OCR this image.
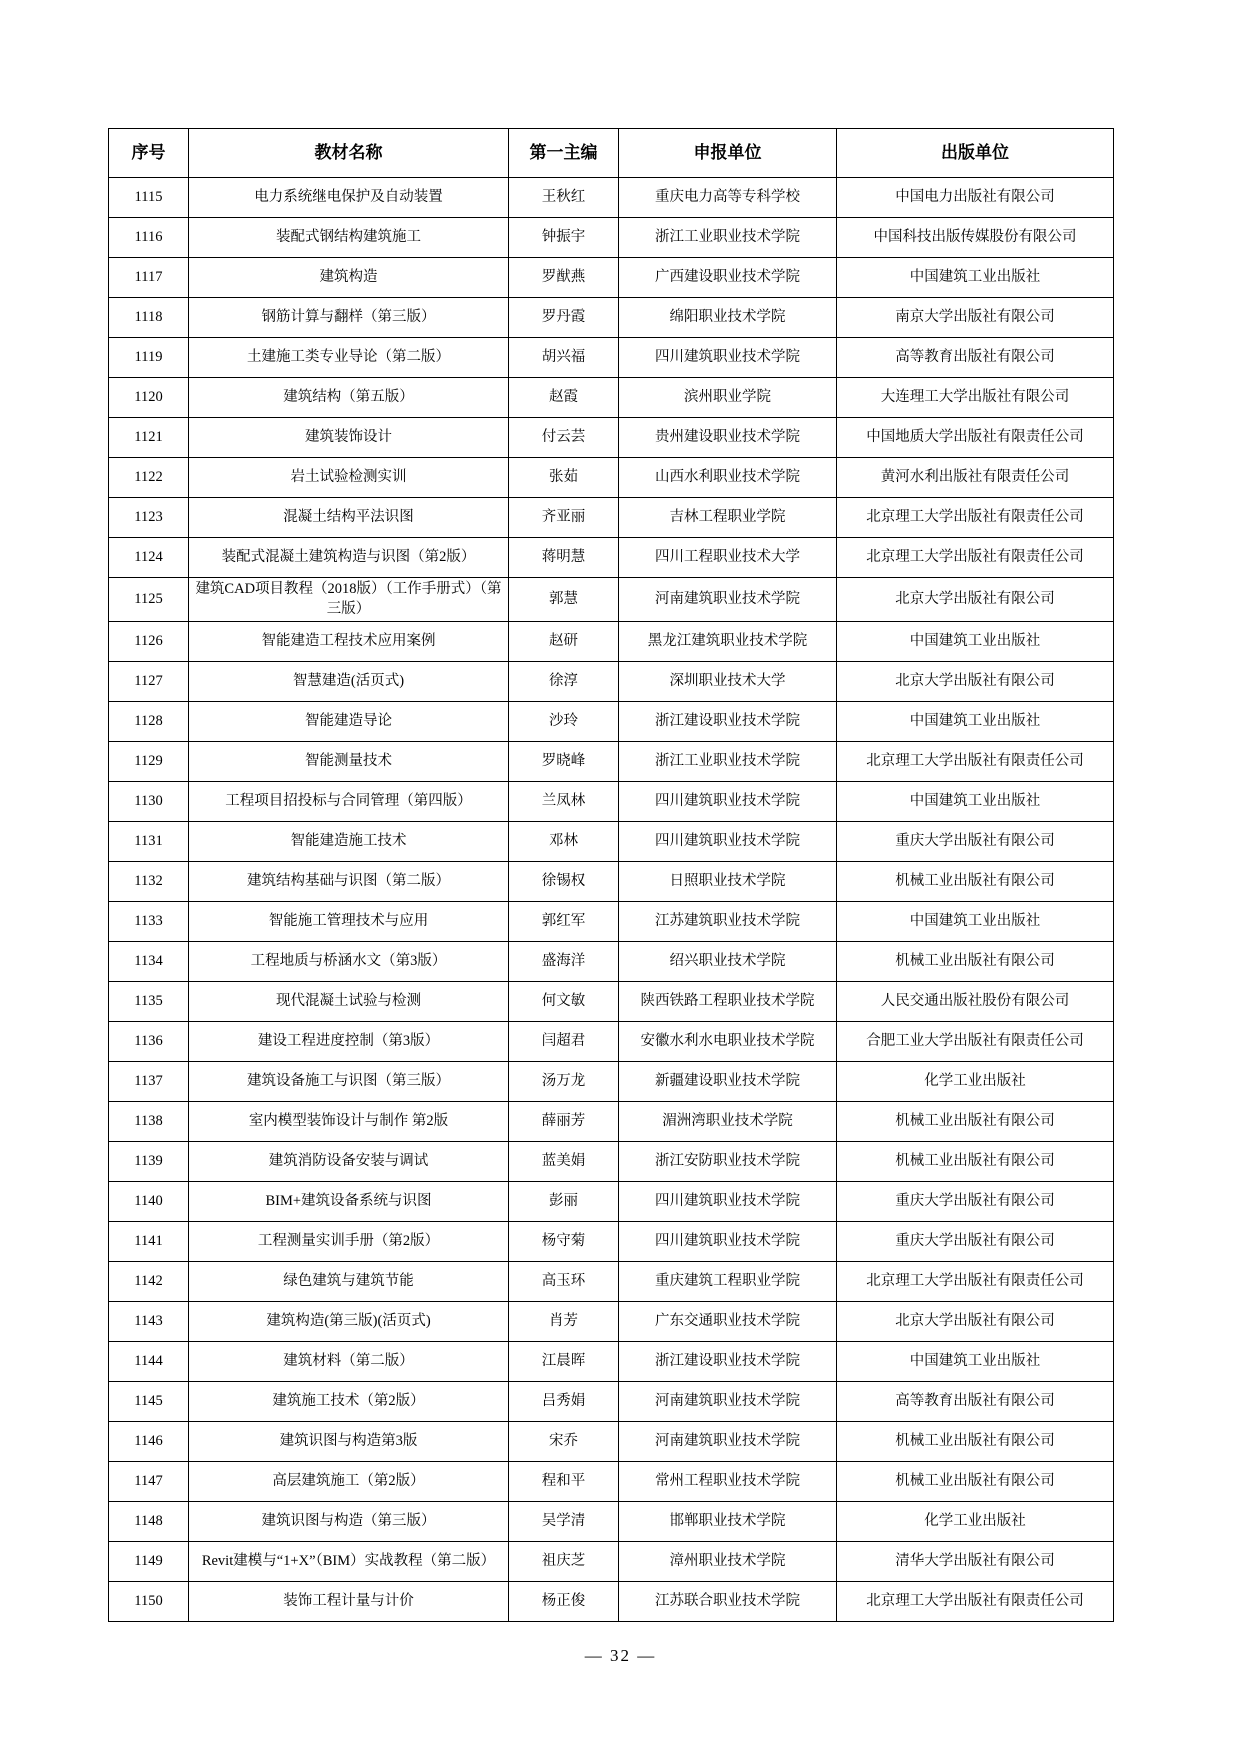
序号	教材名称	第一主编	申报单位	出版单位
1115	电力系统继电保护及自动装置	王秋红	重庆电力高等专科学校	中国电力出版社有限公司
1116	装配式钢结构建筑施工	钟振宇	浙江工业职业技术学院	中国科技出版传媒股份有限公司
1117	建筑构造	罗猷燕	广西建设职业技术学院	中国建筑工业出版社
1118	钢筋计算与翻样（第三版）	罗丹霞	绵阳职业技术学院	南京大学出版社有限公司
1119	土建施工类专业导论（第二版）	胡兴福	四川建筑职业技术学院	高等教育出版社有限公司
1120	建筑结构（第五版）	赵霞	滨州职业学院	大连理工大学出版社有限公司
1121	建筑装饰设计	付云芸	贵州建设职业技术学院	中国地质大学出版社有限责任公司
1122	岩土试验检测实训	张茹	山西水利职业技术学院	黄河水利出版社有限责任公司
1123	混凝土结构平法识图	齐亚丽	吉林工程职业学院	北京理工大学出版社有限责任公司
1124	装配式混凝土建筑构造与识图（第2版）	蒋明慧	四川工程职业技术大学	北京理工大学出版社有限责任公司
1125	建筑CAD项目教程（2018版）（工作手册式）（第三版）	郭慧	河南建筑职业技术学院	北京大学出版社有限公司
1126	智能建造工程技术应用案例	赵研	黑龙江建筑职业技术学院	中国建筑工业出版社
1127	智慧建造(活页式)	徐淳	深圳职业技术大学	北京大学出版社有限公司
1128	智能建造导论	沙玲	浙江建设职业技术学院	中国建筑工业出版社
1129	智能测量技术	罗晓峰	浙江工业职业技术学院	北京理工大学出版社有限责任公司
1130	工程项目招投标与合同管理（第四版）	兰凤林	四川建筑职业技术学院	中国建筑工业出版社
1131	智能建造施工技术	邓林	四川建筑职业技术学院	重庆大学出版社有限公司
1132	建筑结构基础与识图（第二版）	徐锡权	日照职业技术学院	机械工业出版社有限公司
1133	智能施工管理技术与应用	郭红军	江苏建筑职业技术学院	中国建筑工业出版社
1134	工程地质与桥涵水文（第3版）	盛海洋	绍兴职业技术学院	机械工业出版社有限公司
1135	现代混凝土试验与检测	何文敏	陕西铁路工程职业技术学院	人民交通出版社股份有限公司
1136	建设工程进度控制（第3版）	闫超君	安徽水利水电职业技术学院	合肥工业大学出版社有限责任公司
1137	建筑设备施工与识图（第三版）	汤万龙	新疆建设职业技术学院	化学工业出版社
1138	室内模型装饰设计与制作 第2版	薛丽芳	湄洲湾职业技术学院	机械工业出版社有限公司
1139	建筑消防设备安装与调试	蓝美娟	浙江安防职业技术学院	机械工业出版社有限公司
1140	BIM+建筑设备系统与识图	彭丽	四川建筑职业技术学院	重庆大学出版社有限公司
1141	工程测量实训手册（第2版）	杨守菊	四川建筑职业技术学院	重庆大学出版社有限公司
1142	绿色建筑与建筑节能	高玉环	重庆建筑工程职业学院	北京理工大学出版社有限责任公司
1143	建筑构造(第三版)(活页式)	肖芳	广东交通职业技术学院	北京大学出版社有限公司
1144	建筑材料（第二版）	江晨晖	浙江建设职业技术学院	中国建筑工业出版社
1145	建筑施工技术（第2版）	吕秀娟	河南建筑职业技术学院	高等教育出版社有限公司
1146	建筑识图与构造第3版	宋乔	河南建筑职业技术学院	机械工业出版社有限公司
1147	高层建筑施工（第2版）	程和平	常州工程职业技术学院	机械工业出版社有限公司
1148	建筑识图与构造（第三版）	吴学清	邯郸职业技术学院	化学工业出版社
1149	Revit建模与“1+X”（BIM）实战教程（第二版）	祖庆芝	漳州职业技术学院	清华大学出版社有限公司
1150	装饰工程计量与计价	杨正俊	江苏联合职业技术学院	北京理工大学出版社有限责任公司
— 32 —
